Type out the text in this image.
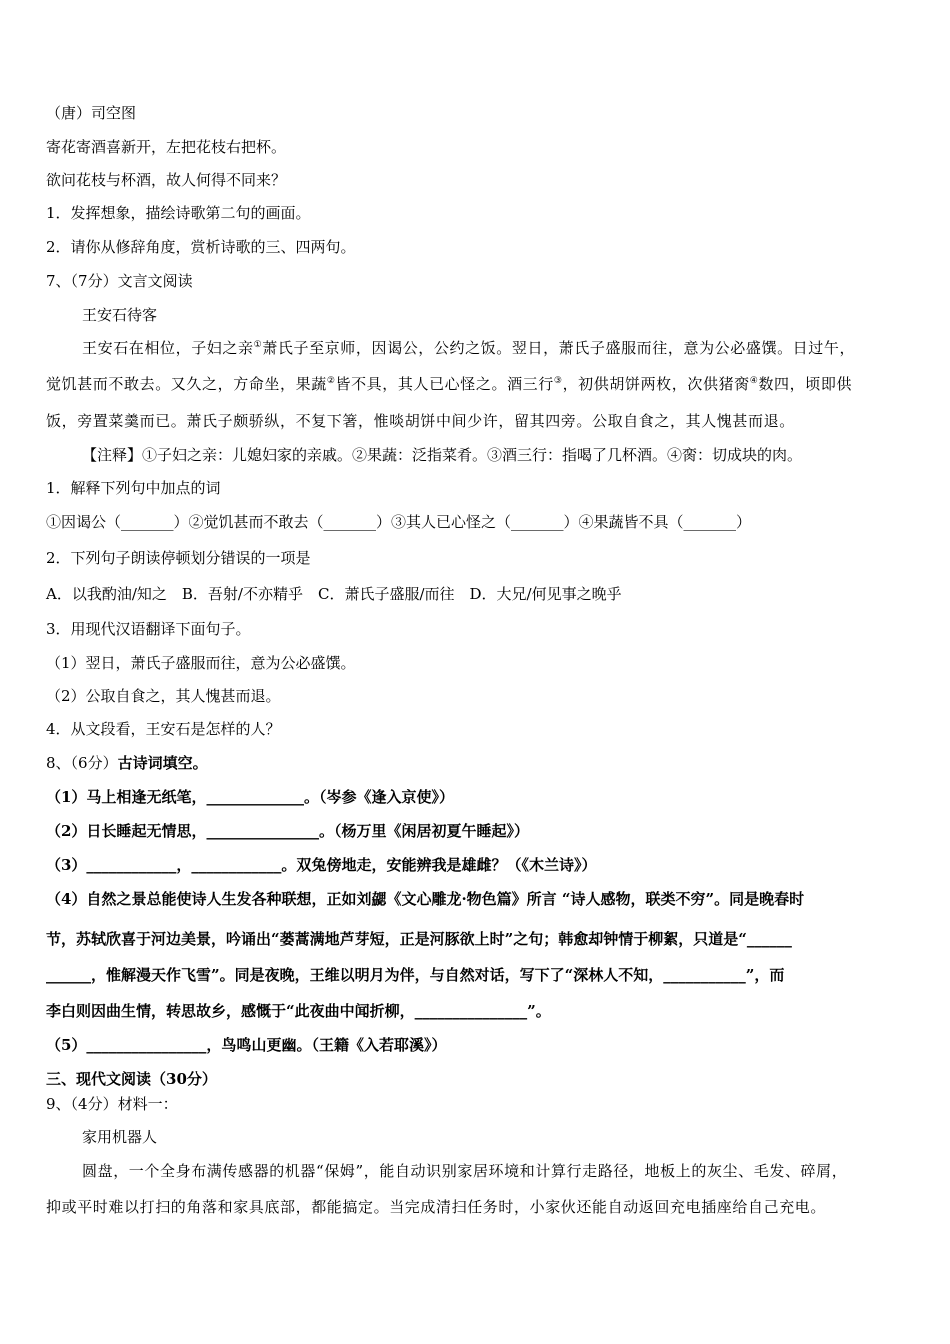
（唐）司空图
寄花寄酒喜新开，左把花枝右把杯。
欲问花枝与杯酒，故人何得不同来？
1．发挥想象，描绘诗歌第二句的画面。
2．请你从修辞角度，赏析诗歌的三、四两句。
7、（7分）文言文阅读
王安石待客
王安石在相位，子妇之亲①萧氏子至京师，因谒公，公约之饭。翌日，萧氏子盛服而往，意为公必盛馔。日过午，
觉饥甚而不敢去。又久之，方命坐，果蔬②皆不具，其人已心怪之。酒三行③，初供胡饼两枚，次供猪脔④数四，顷即供
饭，旁置菜羹而已。萧氏子颇骄纵，不复下箸，惟啖胡饼中间少许，留其四旁。公取自食之，其人愧甚而退。
【注释】①子妇之亲：儿媳妇家的亲戚。②果蔬：泛指菜肴。③酒三行：指喝了几杯酒。④脔：切成块的肉。
1．解释下列句中加点的词
①因谒公（_______）②觉饥甚而不敢去（_______）③其人已心怪之（_______）④果蔬皆不具（_______）
2．下列句子朗读停顿划分错误的一项是
A．以我酌油/知之　B．吾射/不亦精乎　C．萧氏子盛服/而往　D．大兄/何见事之晚乎
3．用现代汉语翻译下面句子。
（1）翌日，萧氏子盛服而往，意为公必盛馔。
（2）公取自食之，其人愧甚而退。
4．从文段看，王安石是怎样的人？
8、（6分）古诗词填空。
（1）马上相逢无纸笔，_____________。（岑参《逢入京使》）
（2）日长睡起无情思，_______________。（杨万里《闲居初夏午睡起》）
（3）____________，____________。双兔傍地走，安能辨我是雄雌？（《木兰诗》）
（4）自然之景总能使诗人生发各种联想，正如刘勰《文心雕龙·物色篇》所言 “诗人感物，联类不穷”。同是晚春时
节，苏轼欣喜于河边美景，吟诵出“蒌蒿满地芦芽短，正是河豚欲上时”之句；韩愈却钟情于柳絮，只道是“______
______，惟解漫天作飞雪”。同是夜晚，王维以明月为伴，与自然对话，写下了“深林人不知，___________”，而
李白则因曲生情，转思故乡，感慨于“此夜曲中闻折柳，_______________”。
（5）________________，鸟鸣山更幽。（王籍《入若耶溪》）
三、现代文阅读（30分）
9、（4分）材料一：
家用机器人
圆盘，一个全身布满传感器的机器“保姆”，能自动识别家居环境和计算行走路径，地板上的灰尘、毛发、碎屑，
抑或平时难以打扫的角落和家具底部，都能搞定。当完成清扫任务时，小家伙还能自动返回充电插座给自己充电。
